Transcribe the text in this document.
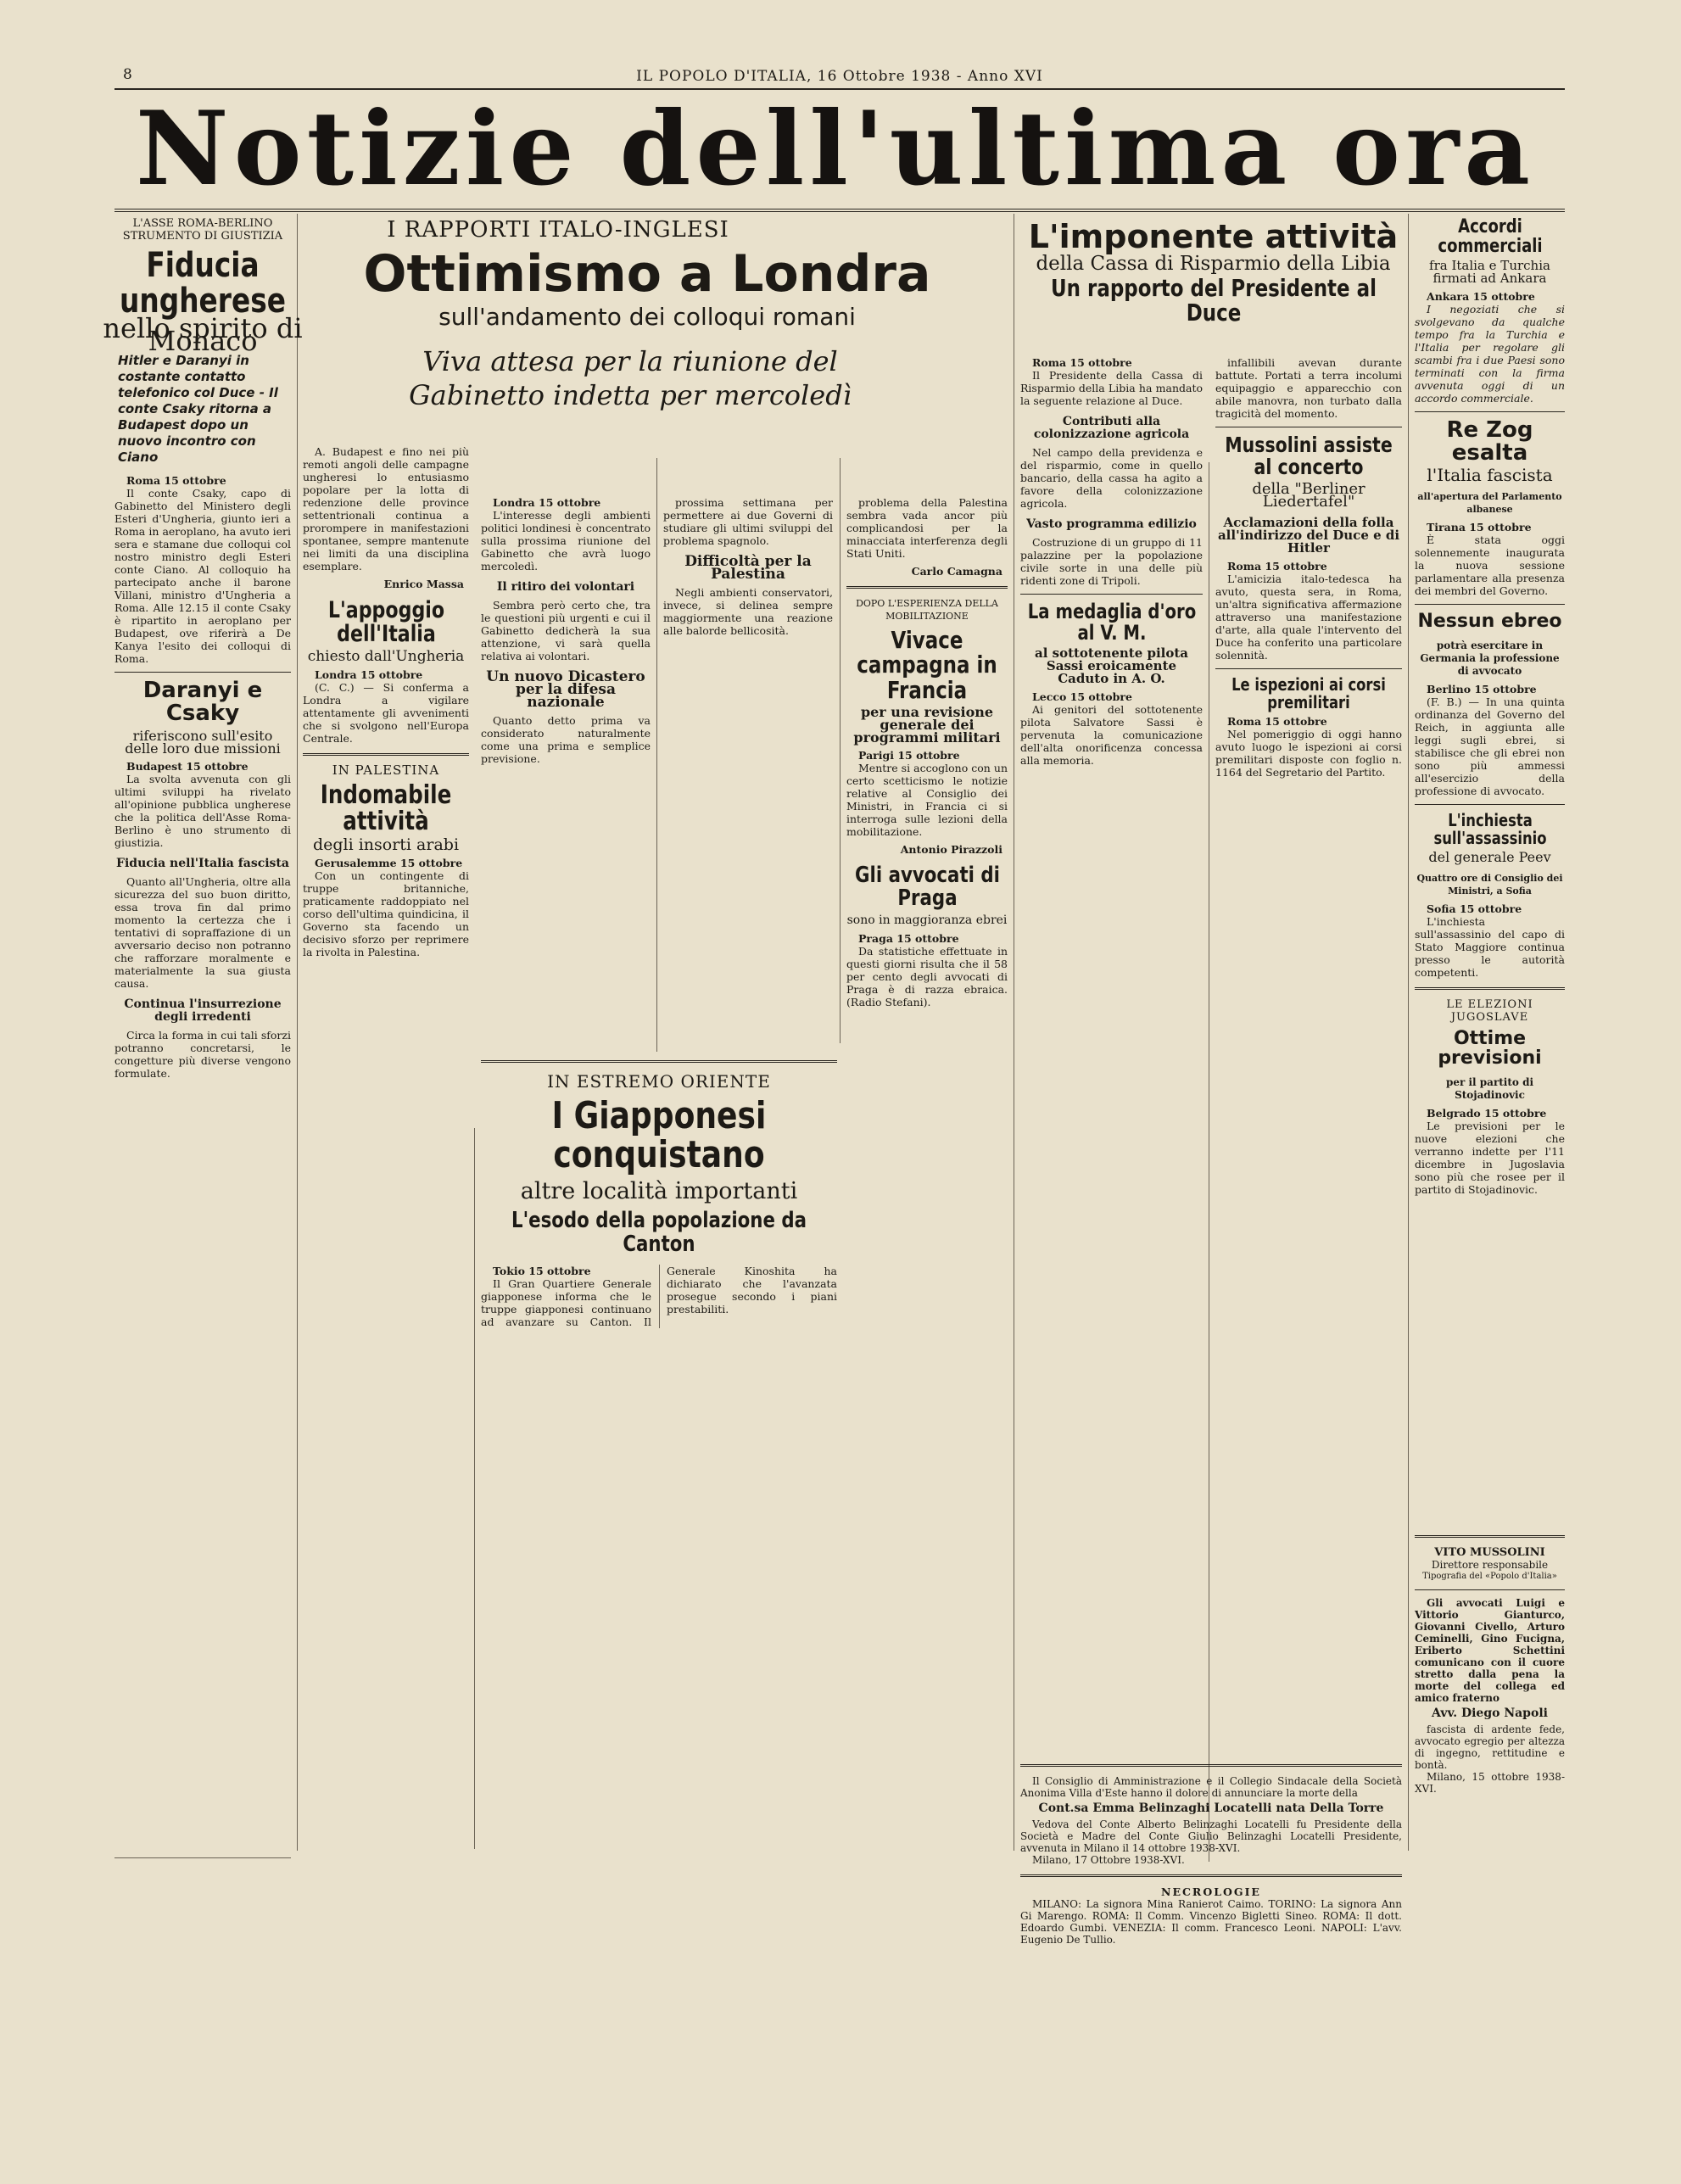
8	IL POPOLO D'ITALIA, 16 Ottobre 1938 - Anno XVI
Notizie dell'ultima ora
L'ASSE ROMA-BERLINO STRUMENTO DI GIUSTIZIA
Fiducia ungherese
nello spirito di Monaco
Hitler e Daranyi in costante contatto telefonico col Duce - Il conte Csaky ritorna a Budapest dopo un nuovo incontro con Ciano

Roma 15 ottobre

Il conte Csaky, capo di Gabinetto del Ministero degli Esteri d'Ungheria, giunto ieri a Roma in aeroplano, ha avuto ieri sera e stamane due colloqui col nostro ministro degli Esteri conte Ciano. Al colloquio ha partecipato anche il barone Villani, ministro d'Ungheria a Roma. Alle 12.15 il conte Csaky è ripartito in aeroplano per Budapest, ove riferirà a De Kanya l'esito dei colloqui di Roma.

Daranyi e Csaky
riferiscono sull'esito delle loro due missioni

Budapest 15 ottobre

La svolta avvenuta con gli ultimi sviluppi ha rivelato all'opinione pubblica ungherese che la politica dell'Asse Roma-Berlino è uno strumento di giustizia.

Fiducia nell'Italia fascista

Quanto all'Ungheria, oltre alla sicurezza del suo buon diritto, essa trova fin dal primo momento la certezza che i tentativi di sopraffazione di un avversario deciso non potranno che rafforzare moralmente e materialmente la sua giusta causa.

Continua l'insurrezione degli irredenti

Circa la forma in cui tali sforzi potranno concretarsi, le congetture più diverse vengono formulate.

A. Budapest e fino nei più remoti angoli delle campagne ungheresi lo entusiasmo popolare per la lotta di redenzione delle province settentrionali continua a prorompere in manifestazioni spontanee, sempre mantenute nei limiti da una disciplina esemplare.

Enrico Massa
L'appoggio dell'Italia
chiesto dall'Ungheria

Londra 15 ottobre

(C. C.) — Si conferma a Londra a vigilare attentamente gli avvenimenti che si svolgono nell'Europa Centrale.

IN PALESTINA
Indomabile attività
degli insorti arabi

Gerusalemme 15 ottobre

Con un contingente di truppe britanniche, praticamente raddoppiato nel corso dell'ultima quindicina, il Governo sta facendo un decisivo sforzo per reprimere la rivolta in Palestina.

I RAPPORTI ITALO-INGLESI
Ottimismo a Londra
sull'andamento dei colloqui romani
Viva attesa per la riunione del Gabinetto indetta per mercoledì

Londra 15 ottobre

L'interesse degli ambienti politici londinesi è concentrato sulla prossima riunione del Gabinetto che avrà luogo mercoledì.

Il ritiro dei volontari

Sembra però certo che, tra le questioni più urgenti e cui il Gabinetto dedicherà la sua attenzione, vi sarà quella relativa ai volontari.

Un nuovo Dicastero per la difesa nazionale

Quanto detto prima va considerato naturalmente come una prima e semplice previsione.

prossima settimana per permettere ai due Governi di studiare gli ultimi sviluppi del problema spagnolo.

Difficoltà per la Palestina

Negli ambienti conservatori, invece, si delinea sempre maggiormente una reazione alle balorde bellicosità.

problema della Palestina sembra vada ancor più complicandosi per la minacciata interferenza degli Stati Uniti.

Carlo Camagna
DOPO L'ESPERIENZA DELLA MOBILITAZIONE
Vivace campagna in Francia
per una revisione generale dei programmi militari

Parigi 15 ottobre

Mentre si accoglono con un certo scetticismo le notizie relative al Consiglio dei Ministri, in Francia ci si interroga sulle lezioni della mobilitazione.

Antonio Pirazzoli
Gli avvocati di Praga
sono in maggioranza ebrei

Praga 15 ottobre

Da statistiche effettuate in questi giorni risulta che il 58 per cento degli avvocati di Praga è di razza ebraica. (Radio Stefani).

IN ESTREMO ORIENTE
I Giapponesi conquistano
altre località importanti
L'esodo della popolazione da Canton

Tokio 15 ottobre

Il Gran Quartiere Generale giapponese informa che le truppe giapponesi continuano ad avanzare su Canton. Il Generale Kinoshita ha dichiarato che l'avanzata prosegue secondo i piani prestabiliti.

L'imponente attività
della Cassa di Risparmio della Libia
Un rapporto del Presidente al Duce

Roma 15 ottobre

Il Presidente della Cassa di Risparmio della Libia ha mandato la seguente relazione al Duce.

Contributi alla colonizzazione agricola

Nel campo della previdenza e del risparmio, come in quello bancario, della cassa ha agito a favore della colonizzazione agricola.

Vasto programma edilizio

Costruzione di un gruppo di 11 palazzine per la popolazione civile sorte in una delle più ridenti zone di Tripoli.

La medaglia d'oro al V. M.
al sottotenente pilota Sassi eroicamente Caduto in A. O.

Lecco 15 ottobre

Ai genitori del sottotenente pilota Salvatore Sassi è pervenuta la comunicazione dell'alta onorificenza concessa alla memoria.

infallibili avevan durante battute. Portati a terra incolumi equipaggio e apparecchio con abile manovra, non turbato dalla tragicità del momento.

Mussolini assiste al concerto
della "Berliner Liedertafel"
Acclamazioni della folla all'indirizzo del Duce e di Hitler

Roma 15 ottobre

L'amicizia italo-tedesca ha avuto, questa sera, in Roma, un'altra significativa affermazione attraverso una manifestazione d'arte, alla quale l'intervento del Duce ha conferito una particolare solennità.

Le ispezioni ai corsi premilitari

Roma 15 ottobre

Nel pomeriggio di oggi hanno avuto luogo le ispezioni ai corsi premilitari disposte con foglio n. 1164 del Segretario del Partito.

Accordi commerciali
fra Italia e Turchia firmati ad Ankara

Ankara 15 ottobre

I negoziati che si svolgevano da qualche tempo fra la Turchia e l'Italia per regolare gli scambi fra i due Paesi sono terminati con la firma avvenuta oggi di un accordo commerciale.

Re Zog esalta
l'Italia fascista
all'apertura del Parlamento albanese

Tirana 15 ottobre

È stata oggi solennemente inaugurata la nuova sessione parlamentare alla presenza dei membri del Governo.

Nessun ebreo
potrà esercitare in Germania la professione di avvocato

Berlino 15 ottobre

(F. B.) — In una quinta ordinanza del Governo del Reich, in aggiunta alle leggi sugli ebrei, si stabilisce che gli ebrei non sono più ammessi all'esercizio della professione di avvocato.

L'inchiesta sull'assassinio
del generale Peev
Quattro ore di Consiglio dei Ministri, a Sofia

Sofia 15 ottobre

L'inchiesta sull'assassinio del capo di Stato Maggiore continua presso le autorità competenti.

LE ELEZIONI JUGOSLAVE
Ottime previsioni
per il partito di Stojadinovic

Belgrado 15 ottobre

Le previsioni per le nuove elezioni che verranno indette per l'11 dicembre in Jugoslavia sono più che rosee per il partito di Stojadinovic.

VITO MUSSOLINI
Direttore responsabile
Tipografia del «Popolo d'Italia»

Gli avvocati Luigi e Vittorio Gianturco, Giovanni Civello, Arturo Ceminelli, Gino Fucigna, Eriberto Schettini comunicano con il cuore stretto dalla pena la morte del collega ed amico fraterno

Avv. Diego Napoli

fascista di ardente fede, avvocato egregio per altezza di ingegno, rettitudine e bontà.

Milano, 15 ottobre 1938-XVI.

Il Consiglio di Amministrazione e il Collegio Sindacale della Società Anonima Villa d'Este hanno il dolore di annunciare la morte della

Cont.sa Emma Belinzaghi Locatelli nata Della Torre

Vedova del Conte Alberto Belinzaghi Locatelli fu Presidente della Società e Madre del Conte Giulio Belinzaghi Locatelli Presidente, avvenuta in Milano il 14 ottobre 1938-XVI.

Milano, 17 Ottobre 1938-XVI.

NECROLOGIE

MILANO: La signora Mina Ranierot Caimo. TORINO: La signora Ann Gi Marengo. ROMA: Il Comm. Vincenzo Bigletti Sineo. ROMA: Il dott. Edoardo Gumbi. VENEZIA: Il comm. Francesco Leoni. NAPOLI: L'avv. Eugenio De Tullio.
